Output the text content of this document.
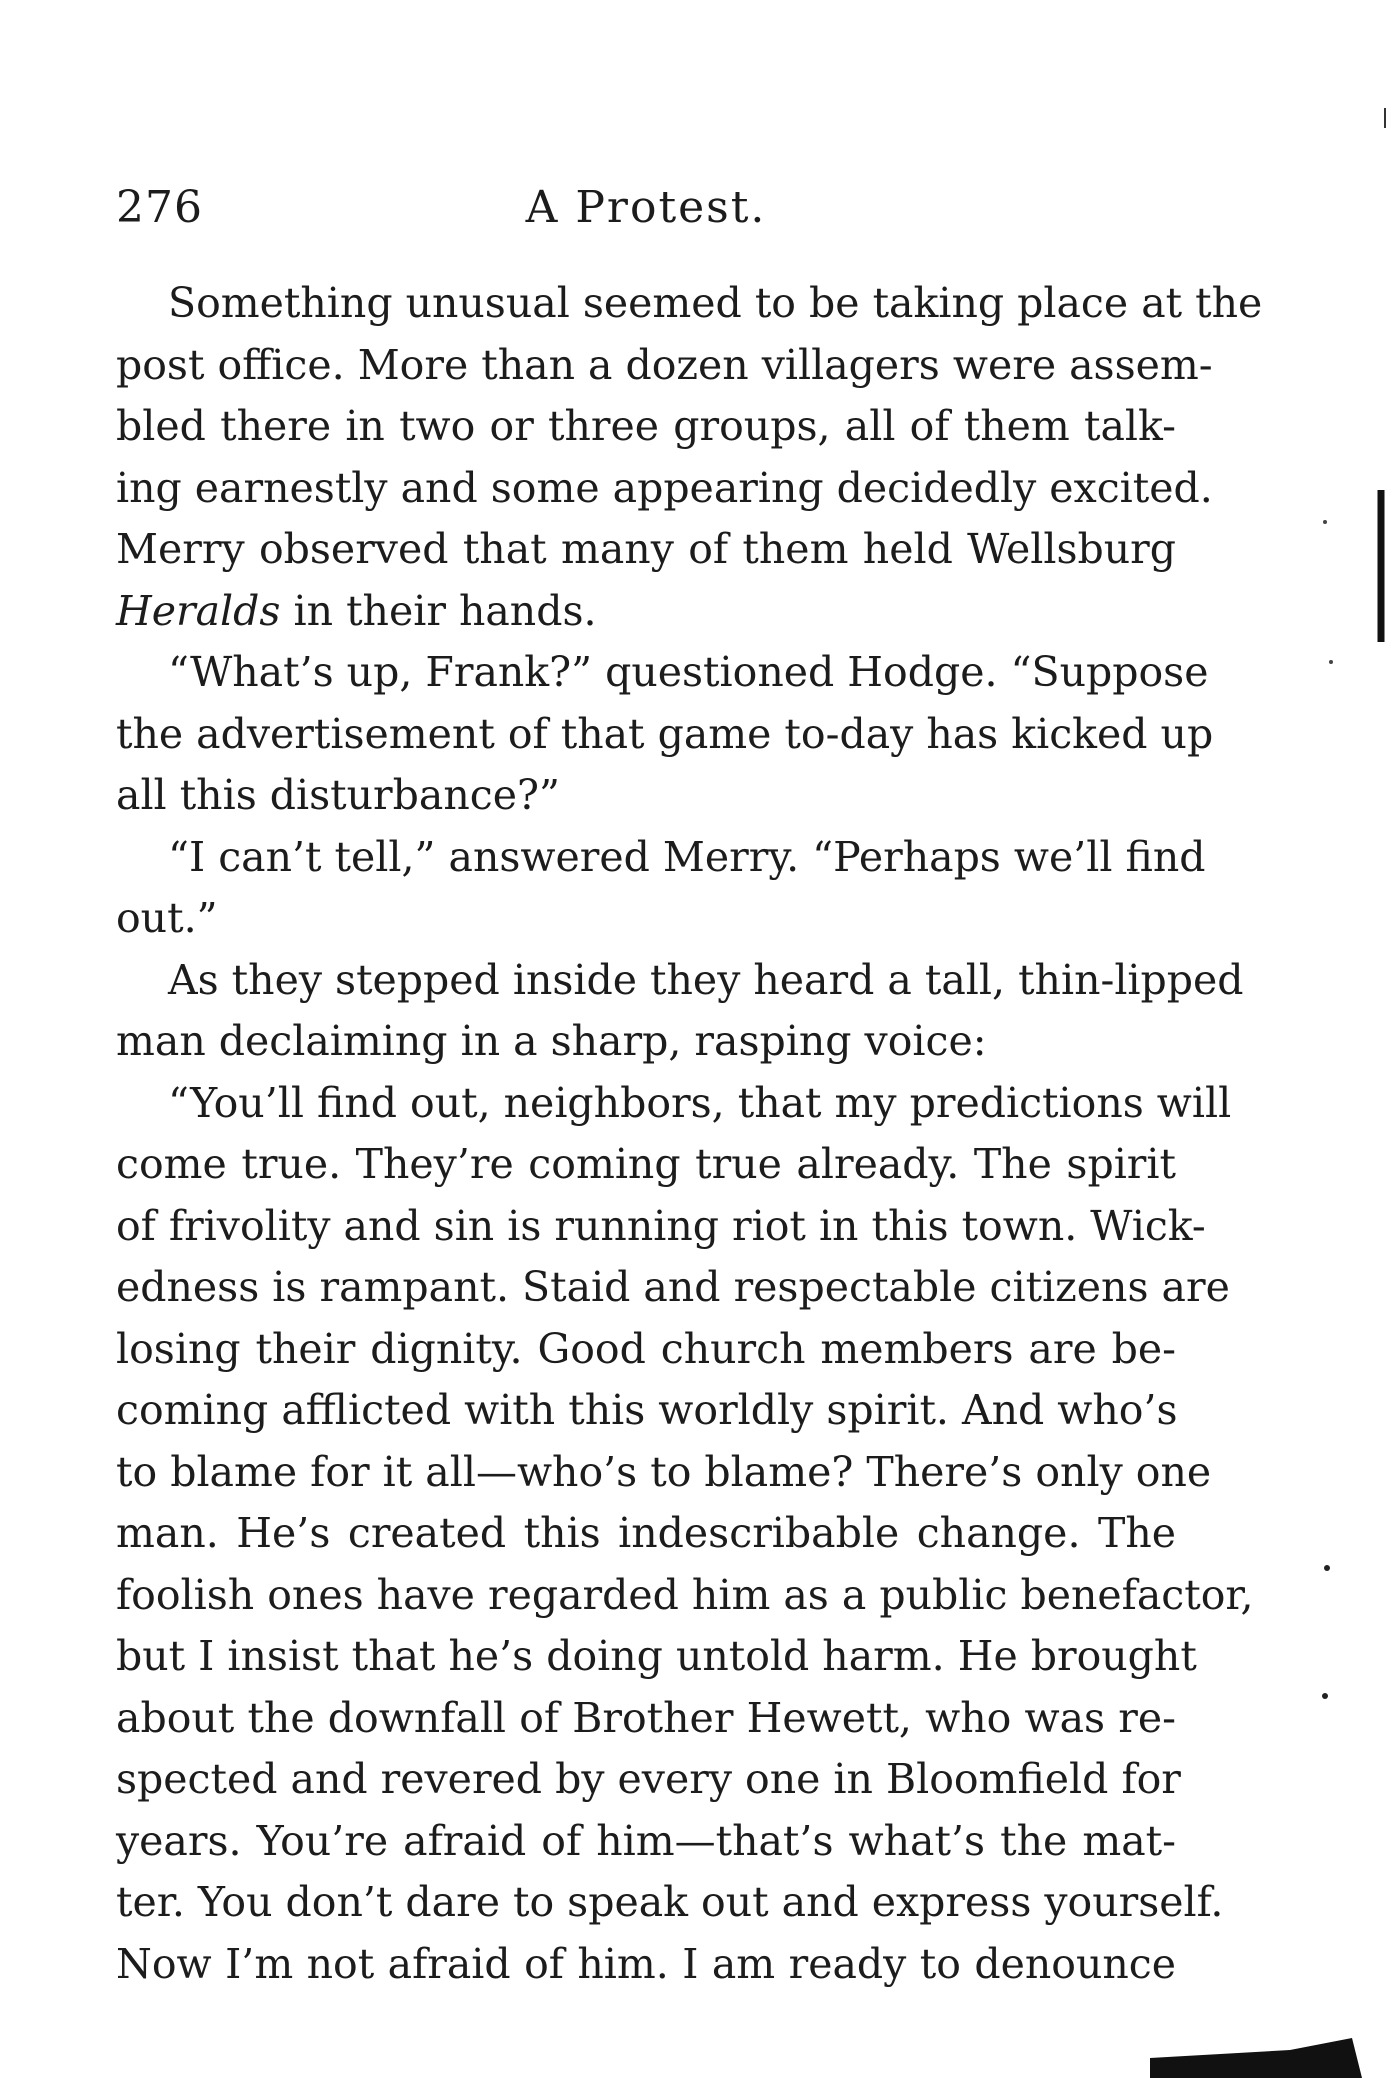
276	A Protest.
Something unusual seemed to be taking place at the
post office. More than a dozen villagers were assem-
bled there in two or three groups, all of them talk-
ing earnestly and some appearing decidedly excited.
Merry observed that many of them held Wellsburg
Heralds in their hands.
“What’s up, Frank?” questioned Hodge. “Suppose
the advertisement of that game to-day has kicked up
all this disturbance?”
“I can’t tell,” answered Merry. “Perhaps we’ll find
out.”
As they stepped inside they heard a tall, thin-lipped
man declaiming in a sharp, rasping voice:
“You’ll find out, neighbors, that my predictions will
come true. They’re coming true already. The spirit
of frivolity and sin is running riot in this town. Wick-
edness is rampant. Staid and respectable citizens are
losing their dignity. Good church members are be-
coming afflicted with this worldly spirit. And who’s
to blame for it all—who’s to blame? There’s only one
man. He’s created this indescribable change. The
foolish ones have regarded him as a public benefactor,
but I insist that he’s doing untold harm. He brought
about the downfall of Brother Hewett, who was re-
spected and revered by every one in Bloomfield for
years. You’re afraid of him—that’s what’s the mat-
ter. You don’t dare to speak out and express yourself.
Now I’m not afraid of him. I am ready to denounce
